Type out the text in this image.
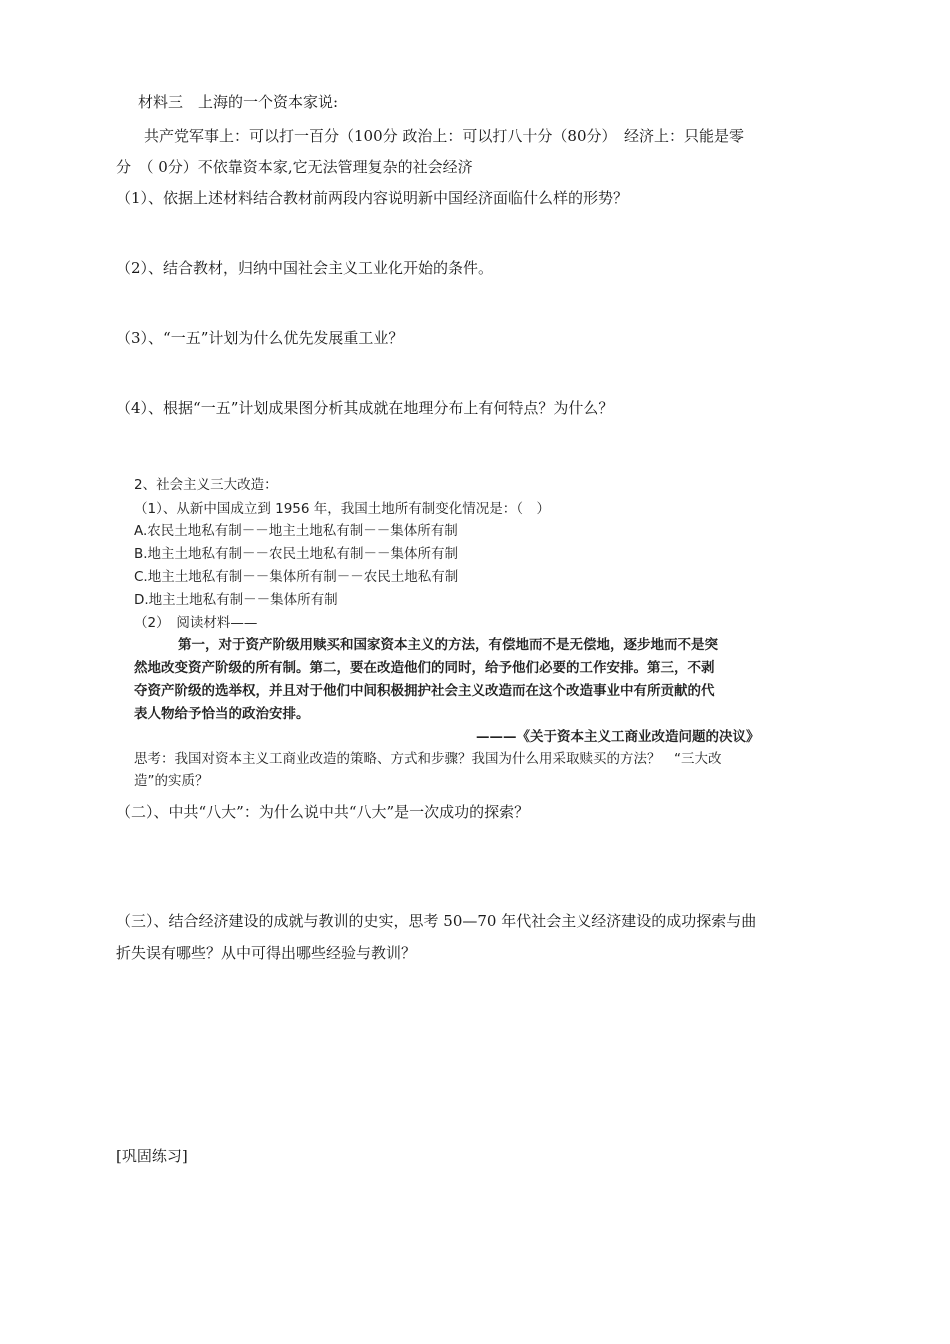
材料三　上海的一个资本家说:
共产党军事上：可以打一百分（100分 政治上：可以打八十分（80分）　经济上：只能是零
分　（ 0分）不依靠资本家,它无法管理复杂的社会经济
（1）、依据上述材料结合教材前两段内容说明新中国经济面临什么样的形势？
（2）、结合教材，归纳中国社会主义工业化开始的条件。
（3）、“一五”计划为什么优先发展重工业？
（4）、根据“一五”计划成果图分析其成就在地理分布上有何特点？为什么？
2、社会主义三大改造：
（1）、从新中国成立到 1956 年，我国土地所有制变化情况是：（　）
A.农民土地私有制－－地主土地私有制－－集体所有制
B.地主土地私有制－－农民土地私有制－－集体所有制
C.地主土地私有制－－集体所有制－－农民土地私有制
D.地主土地私有制－－集体所有制
（2）　阅读材料——
第一，对于资产阶级用赎买和国家资本主义的方法，有偿地而不是无偿地，逐步地而不是突
然地改变资产阶级的所有制。第二，要在改造他们的同时，给予他们必要的工作安排。第三，不剥
夺资产阶级的选举权，并且对于他们中间积极拥护社会主义改造而在这个改造事业中有所贡献的代
表人物给予恰当的政治安排。
———《关于资本主义工商业改造问题的决议》
思考：我国对资本主义工商业改造的策略、方式和步骤？我国为什么用采取赎买的方法？　“三大改
造”的实质？
（二）、中共“八大”：为什么说中共“八大”是一次成功的探索？
（三）、结合经济建设的成就与教训的史实，思考 50—70 年代社会主义经济建设的成功探索与曲
折失误有哪些？从中可得出哪些经验与教训？
[巩固练习]
